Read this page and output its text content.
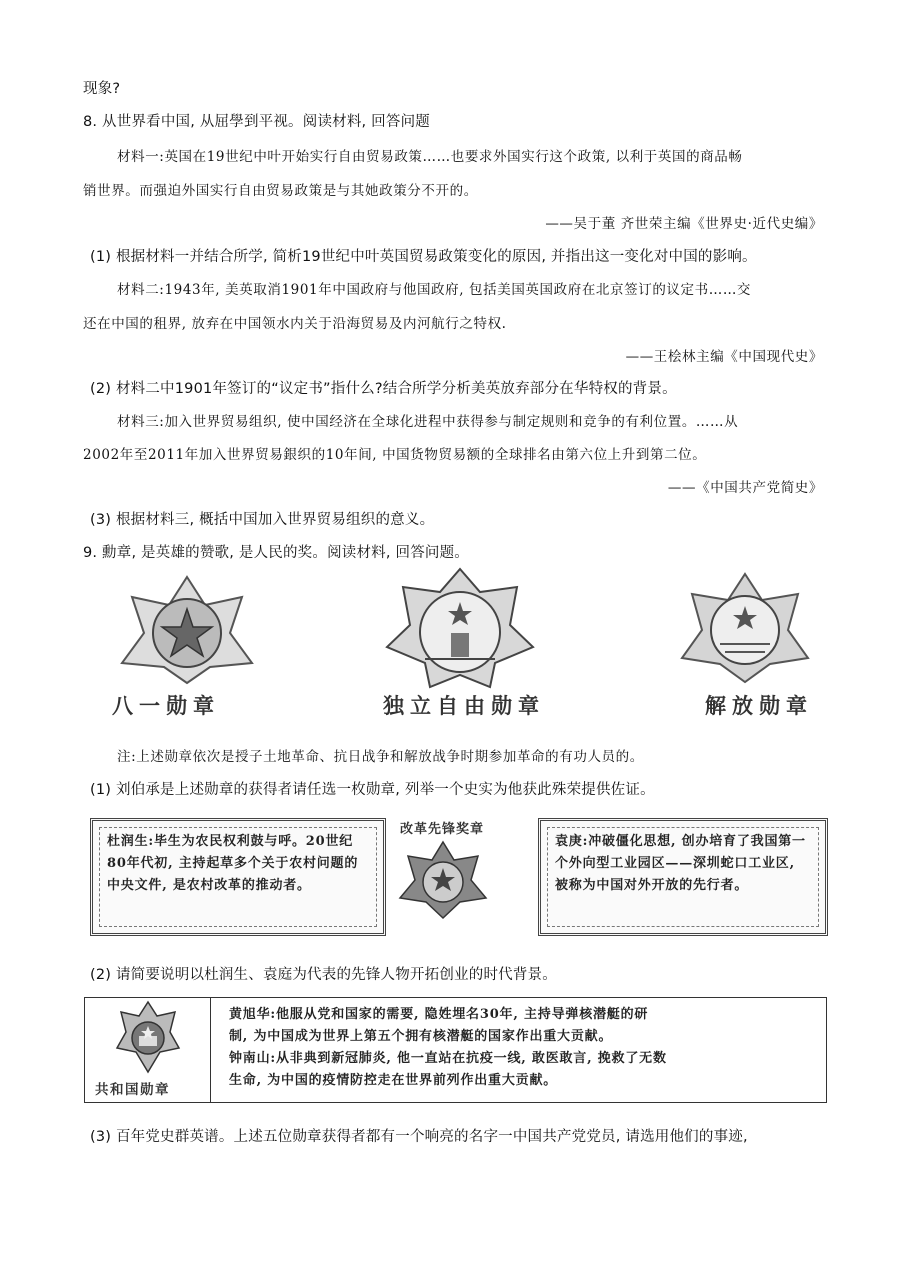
现象?
8. 从世界看中国, 从屈學到平视。阅读材料, 回答问题
材料一:英国在19世纪中叶开始实行自由贸易政策……也要求外国实行这个政策, 以利于英国的商品畅
销世界。而强迫外国实行自由贸易政策是与其她政策分不开的。
——吴于董 齐世荣主编《世界史·近代史编》
(1) 根据材料一并结合所学, 简析19世纪中叶英国贸易政策变化的原因, 并指出这一变化对中国的影响。
材料二:1943年, 美英取消1901年中国政府与他国政府, 包括美国英国政府在北京签订的议定书……交
还在中国的租界, 放弃在中国领水内关于沿海贸易及内河航行之特权.
——王桧林主编《中国现代史》
(2) 材料二中1901年签订的“议定书”指什么?结合所学分析美英放弃部分在华特权的背景。
材料三:加入世界贸易组织, 使中国经济在全球化进程中获得参与制定规则和竞争的有利位置。……从
2002年至2011年加入世界贸易銀织的10年间, 中国货物贸易额的全球排名由第六位上升到第二位。
——《中国共产党简史》
(3) 根据材料三, 概括中国加入世界贸易组织的意义。
9. 勳章, 是英雄的赞歌, 是人民的奖。阅读材料, 回答问题。
八一勋章	独立自由勋章	解放勋章
注:上述勋章依次是授子土地革命、抗日战争和解放战争时期参加革命的有功人员的。
(1) 刘伯承是上述勋章的获得者请任选一枚勋章, 列举一个史实为他获此殊荣提供佐证。
杜润生:毕生为农民权利鼓与呼。20世纪80年代初, 主持起草多个关于农村问题的中央文件, 是农村改革的推动者。
改革先锋奖章
袁庚:冲破僵化思想, 创办培育了我国第一个外向型工业园区——深圳蛇口工业区, 被称为中国对外开放的先行者。
(2) 请简要说明以杜润生、袁庭为代表的先锋人物开拓创业的时代背景。
共和国勋章
黄旭华:他服从党和国家的需要, 隐姓埋名30年, 主持导弹核潜艇的研
制, 为中国成为世界上第五个拥有核潜艇的国家作出重大贡献。
钟南山:从非典到新冠肺炎, 他一直站在抗疫一线, 敢医敢言, 挽救了无数
生命, 为中国的疫情防控走在世界前列作出重大贡献。
(3) 百年党史群英谱。上述五位勋章获得者都有一个响亮的名字一中国共产党党员, 请选用他们的事迹,
